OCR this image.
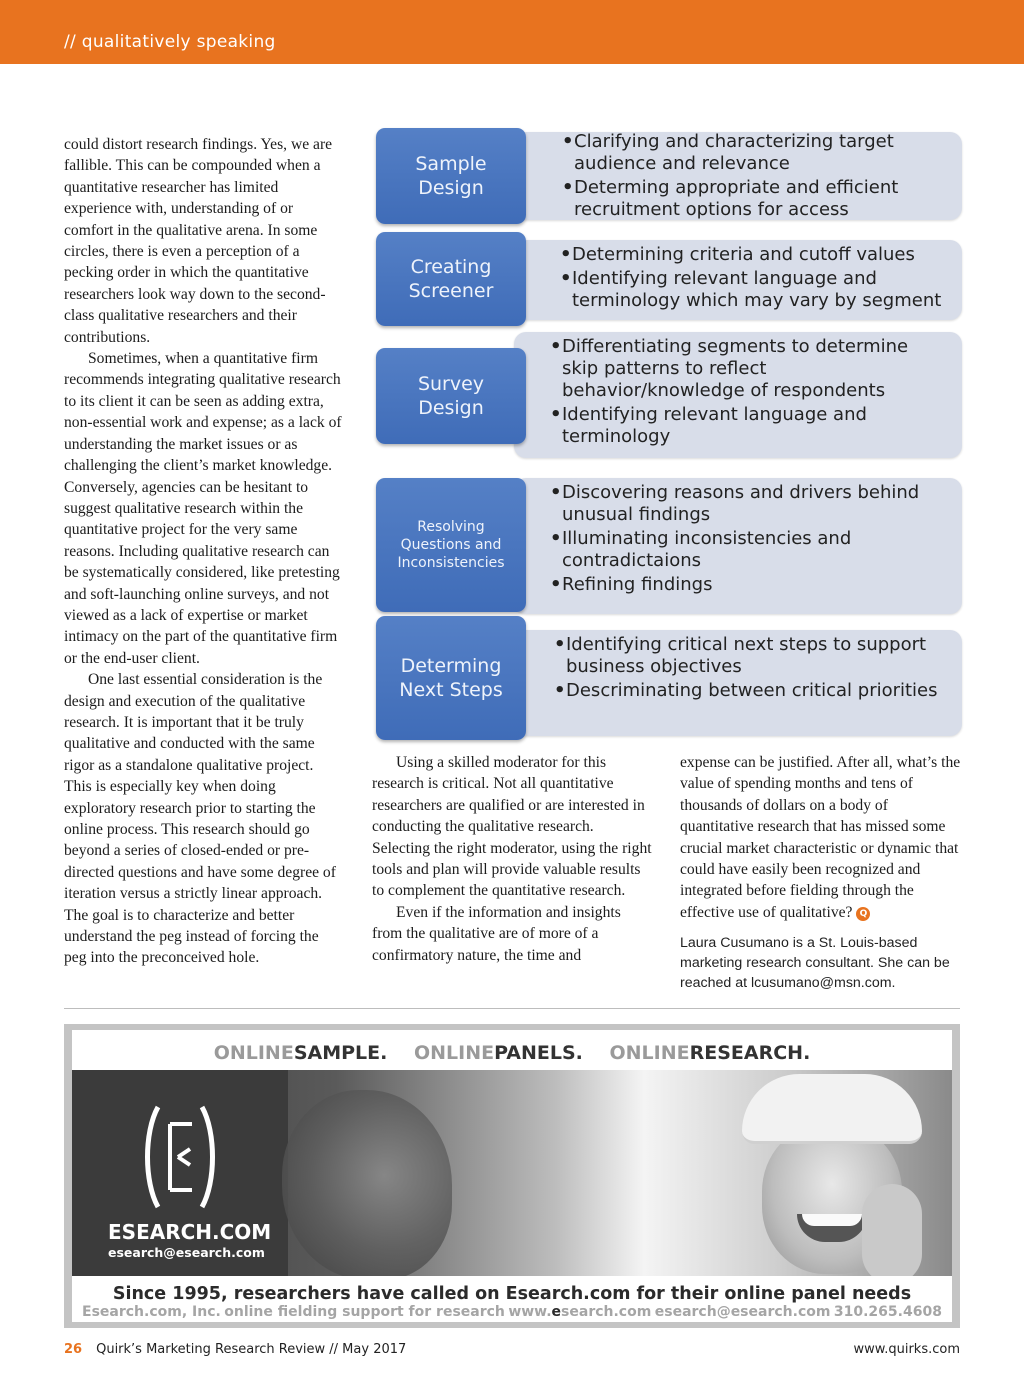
// qualitatively speaking

could distort research findings. Yes, we are fallible. This can be compounded when a quantitative researcher has limited experience with, understanding of or comfort in the qualitative arena. In some circles, there is even a perception of a pecking order in which the quantitative researchers look way down to the second-class qualitative researchers and their contributions.

Sometimes, when a quantitative firm recommends integrating qualitative research to its client it can be seen as adding extra, non-essential work and expense; as a lack of understanding the market issues or as challenging the client’s market knowledge. Conversely, agencies can be hesitant to suggest qualitative research within the quantitative project for the very same reasons. Including qualitative research can be systematically considered, like pretesting and soft-launching online surveys, and not viewed as a lack of expertise or market intimacy on the part of the quantitative firm or the end-user client.

One last essential consideration is the design and execution of the qualitative research. It is important that it be truly qualitative and conducted with the same rigor as a standalone qualitative project. This is especially key when doing exploratory research prior to starting the online process. This research should go beyond a series of closed-ended or pre-directed questions and have some degree of iteration versus a strictly linear approach. The goal is to characterize and better understand the peg instead of forcing the peg into the preconceived hole.

Sample Design
• Clarifying and characterizing target audience and relevance
• Determing appropriate and efficient recruitment options for access
Creating Screener
• Determining criteria and cutoff values
• Identifying relevant language and terminology which may vary by segment
Survey Design
• Differentiating segments to determine skip patterns to reflect behavior/knowledge of respondents
• Identifying relevant language and terminology
Resolving Questions and Inconsistencies
• Discovering reasons and drivers behind unusual findings
• Illuminating inconsistencies and contradictaions
• Refining findings
Determing Next Steps
• Identifying critical next steps to support business objectives
• Descriminating between critical priorities

Using a skilled moderator for this research is critical. Not all quantitative researchers are qualified or are interested in conducting the qualitative research. Selecting the right moderator, using the right tools and plan will provide valuable results to complement the quantitative research.

Even if the information and insights from the qualitative are of more of a confirmatory nature, the time and

expense can be justified. After all, what’s the value of spending months and tens of thousands of dollars on a body of quantitative research that has missed some crucial market characteristic or dynamic that could have easily been recognized and integrated before fielding through the effective use of qualitative? Q

Laura Cusumano is a St. Louis-based marketing research consultant. She can be reached at lcusumano@msn.com.

ONLINESAMPLE. ONLINEPANELS. ONLINERESEARCH.
ESEARCH.COM
esearch@esearch.com
Since 1995, researchers have called on Esearch.com for their online panel needs
Esearch.com, Inc. online fielding support for research www.esearch.com esearch@esearch.com 310.265.4608
26 Quirk’s Marketing Research Review // May 2017	www.quirks.com
